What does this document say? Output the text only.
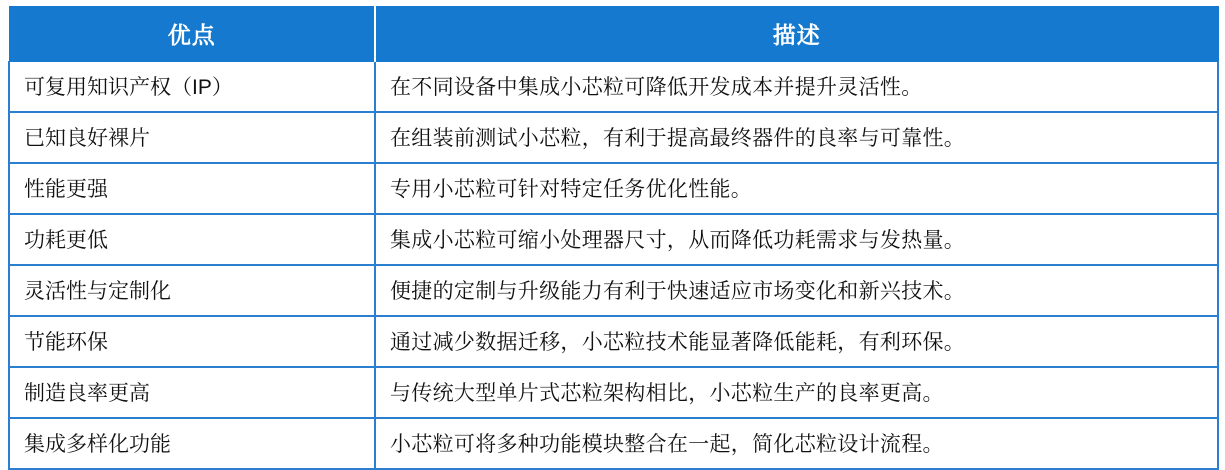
优点	描述
可复用知识产权（IP）	在不同设备中集成小芯粒可降低开发成本并提升灵活性。
已知良好裸片	在组装前测试小芯粒，有利于提高最终器件的良率与可靠性。
性能更强	专用小芯粒可针对特定任务优化性能。
功耗更低	集成小芯粒可缩小处理器尺寸，从而降低功耗需求与发热量。
灵活性与定制化	便捷的定制与升级能力有利于快速适应市场变化和新兴技术。
节能环保	通过减少数据迁移，小芯粒技术能显著降低能耗，有利环保。
制造良率更高	与传统大型单片式芯粒架构相比，小芯粒生产的良率更高。
集成多样化功能	小芯粒可将多种功能模块整合在一起，简化芯粒设计流程。
